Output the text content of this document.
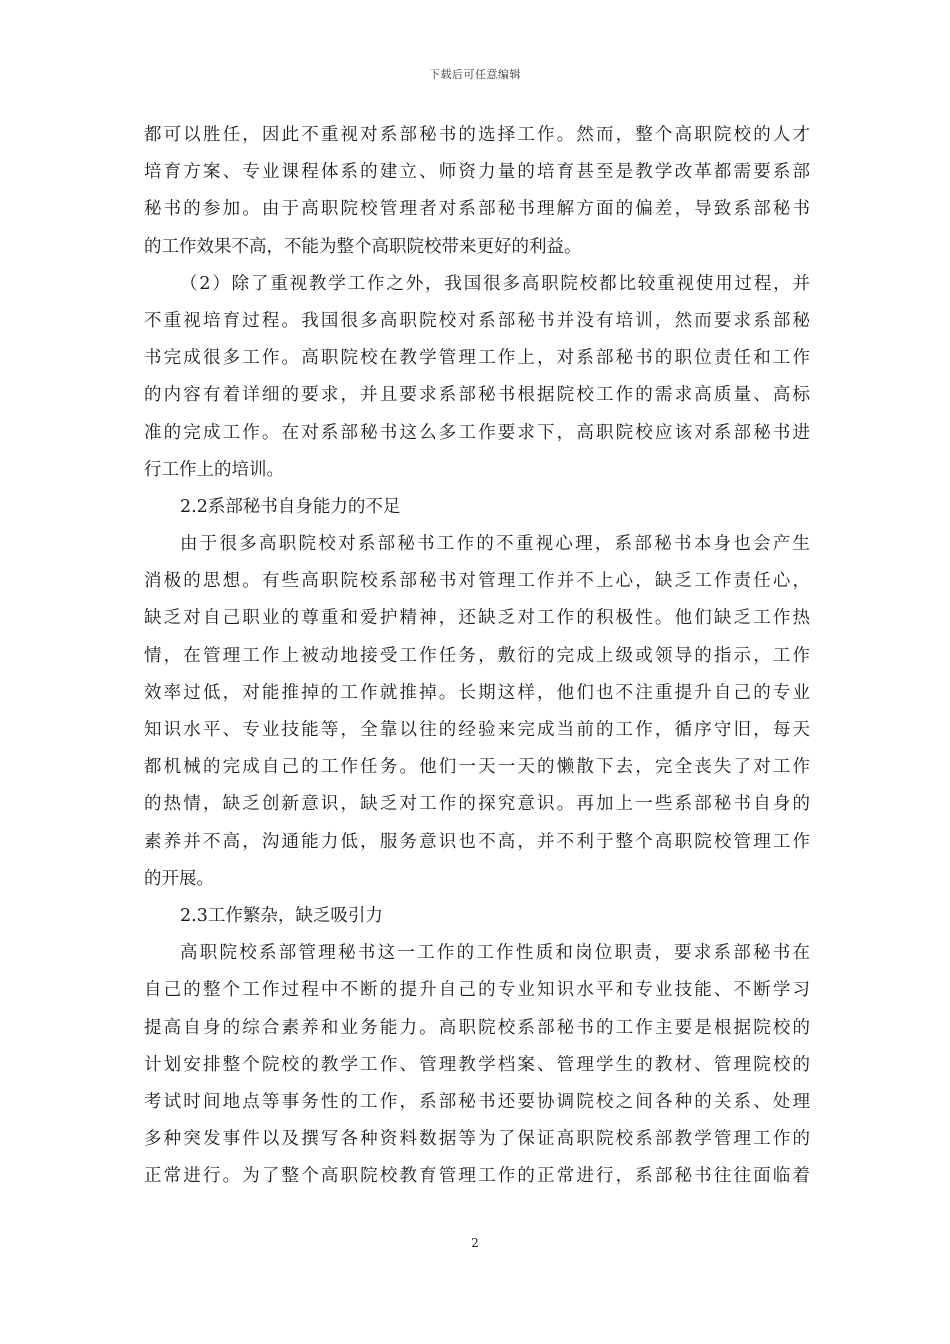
下载后可任意编辑
都可以胜任，因此不重视对系部秘书的选择工作。然而，整个高职院校的人才
培育方案、专业课程体系的建立、师资力量的培育甚至是教学改革都需要系部
秘书的参加。由于高职院校管理者对系部秘书理解方面的偏差，导致系部秘书
的工作效果不高，不能为整个高职院校带来更好的利益。
（2）除了重视教学工作之外，我国很多高职院校都比较重视使用过程，并
不重视培育过程。我国很多高职院校对系部秘书并没有培训，然而要求系部秘
书完成很多工作。高职院校在教学管理工作上，对系部秘书的职位责任和工作
的内容有着详细的要求，并且要求系部秘书根据院校工作的需求高质量、高标
准的完成工作。在对系部秘书这么多工作要求下，高职院校应该对系部秘书进
行工作上的培训。
2.2系部秘书自身能力的不足
由于很多高职院校对系部秘书工作的不重视心理，系部秘书本身也会产生
消极的思想。有些高职院校系部秘书对管理工作并不上心，缺乏工作责任心，
缺乏对自己职业的尊重和爱护精神，还缺乏对工作的积极性。他们缺乏工作热
情，在管理工作上被动地接受工作任务，敷衍的完成上级或领导的指示，工作
效率过低，对能推掉的工作就推掉。长期这样，他们也不注重提升自己的专业
知识水平、专业技能等，全靠以往的经验来完成当前的工作，循序守旧，每天
都机械的完成自己的工作任务。他们一天一天的懒散下去，完全丧失了对工作
的热情，缺乏创新意识，缺乏对工作的探究意识。再加上一些系部秘书自身的
素养并不高，沟通能力低，服务意识也不高，并不利于整个高职院校管理工作
的开展。
2.3工作繁杂，缺乏吸引力
高职院校系部管理秘书这一工作的工作性质和岗位职责，要求系部秘书在
自己的整个工作过程中不断的提升自己的专业知识水平和专业技能、不断学习
提高自身的综合素养和业务能力。高职院校系部秘书的工作主要是根据院校的
计划安排整个院校的教学工作、管理教学档案、管理学生的教材、管理院校的
考试时间地点等事务性的工作，系部秘书还要协调院校之间各种的关系、处理
多种突发事件以及撰写各种资料数据等为了保证高职院校系部教学管理工作的
正常进行。为了整个高职院校教育管理工作的正常进行，系部秘书往往面临着
2
